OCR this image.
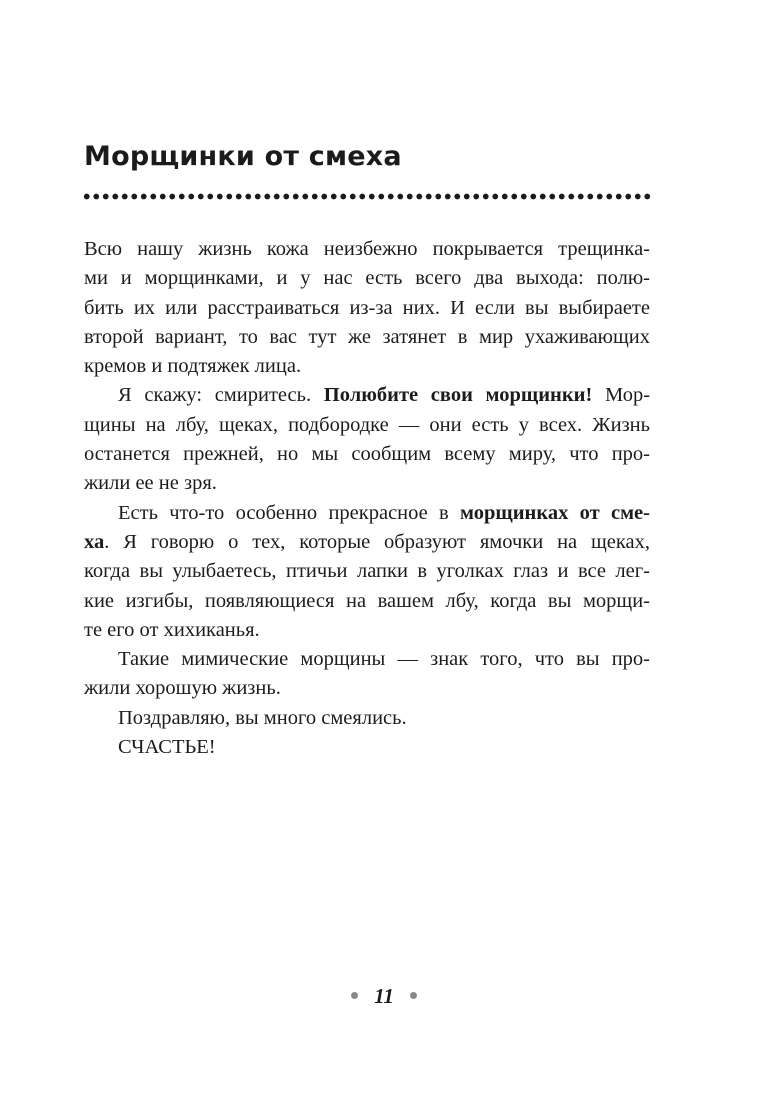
Морщинки от смеха
Всю нашу жизнь кожа неизбежно покрывается трещинка-
ми и морщинками, и у нас есть всего два выхода: полю-
бить их или расстраиваться из-за них. И если вы выбираете
второй вариант, то вас тут же затянет в мир ухаживающих
кремов и подтяжек лица.
Я скажу: смиритесь. Полюбите свои морщинки! Мор-
щины на лбу, щеках, подбородке — они есть у всех. Жизнь
останется прежней, но мы сообщим всему миру, что про-
жили ее не зря.
Есть что-то особенно прекрасное в морщинках от сме-
ха. Я говорю о тех, которые образуют ямочки на щеках,
когда вы улыбаетесь, птичьи лапки в уголках глаз и все лег-
кие изгибы, появляющиеся на вашем лбу, когда вы морщи-
те его от хихиканья.
Такие мимические морщины — знак того, что вы про-
жили хорошую жизнь.
Поздравляю, вы много смеялись.
СЧАСТЬЕ!
11
